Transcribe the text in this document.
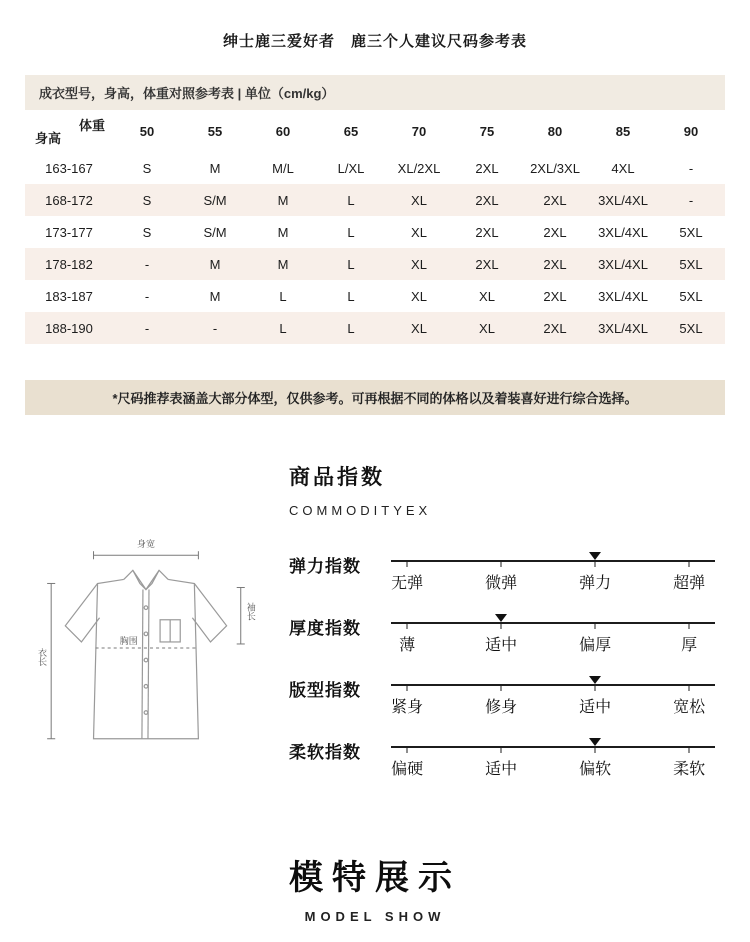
绅士鹿三爱好者　鹿三个人建议尺码参考表
成衣型号，身高，体重对照参考表 | 单位（cm/kg）
体重
身高	50	55	60	65	70	75	80	85	90
163-167	S	M	M/L	L/XL	XL/2XL	2XL	2XL/3XL	4XL	-
168-172	S	S/M	M	L	XL	2XL	2XL	3XL/4XL	-
173-177	S	S/M	M	L	XL	2XL	2XL	3XL/4XL	5XL
178-182	-	M	M	L	XL	2XL	2XL	3XL/4XL	5XL
183-187	-	M	L	L	XL	XL	2XL	3XL/4XL	5XL
188-190	-	-	L	L	XL	XL	2XL	3XL/4XL	5XL
*尺码推荐表涵盖大部分体型，仅供参考。可再根据不同的体格以及着装喜好进行综合选择。
身宽
胸围
衣长
袖长
商品指数
COMMODITYEX
弹力指数
无弹	微弹	弹力	超弹
厚度指数
薄	适中	偏厚	厚
版型指数
紧身	修身	适中	宽松
柔软指数
偏硬	适中	偏软	柔软
模特展示
MODEL SHOW
